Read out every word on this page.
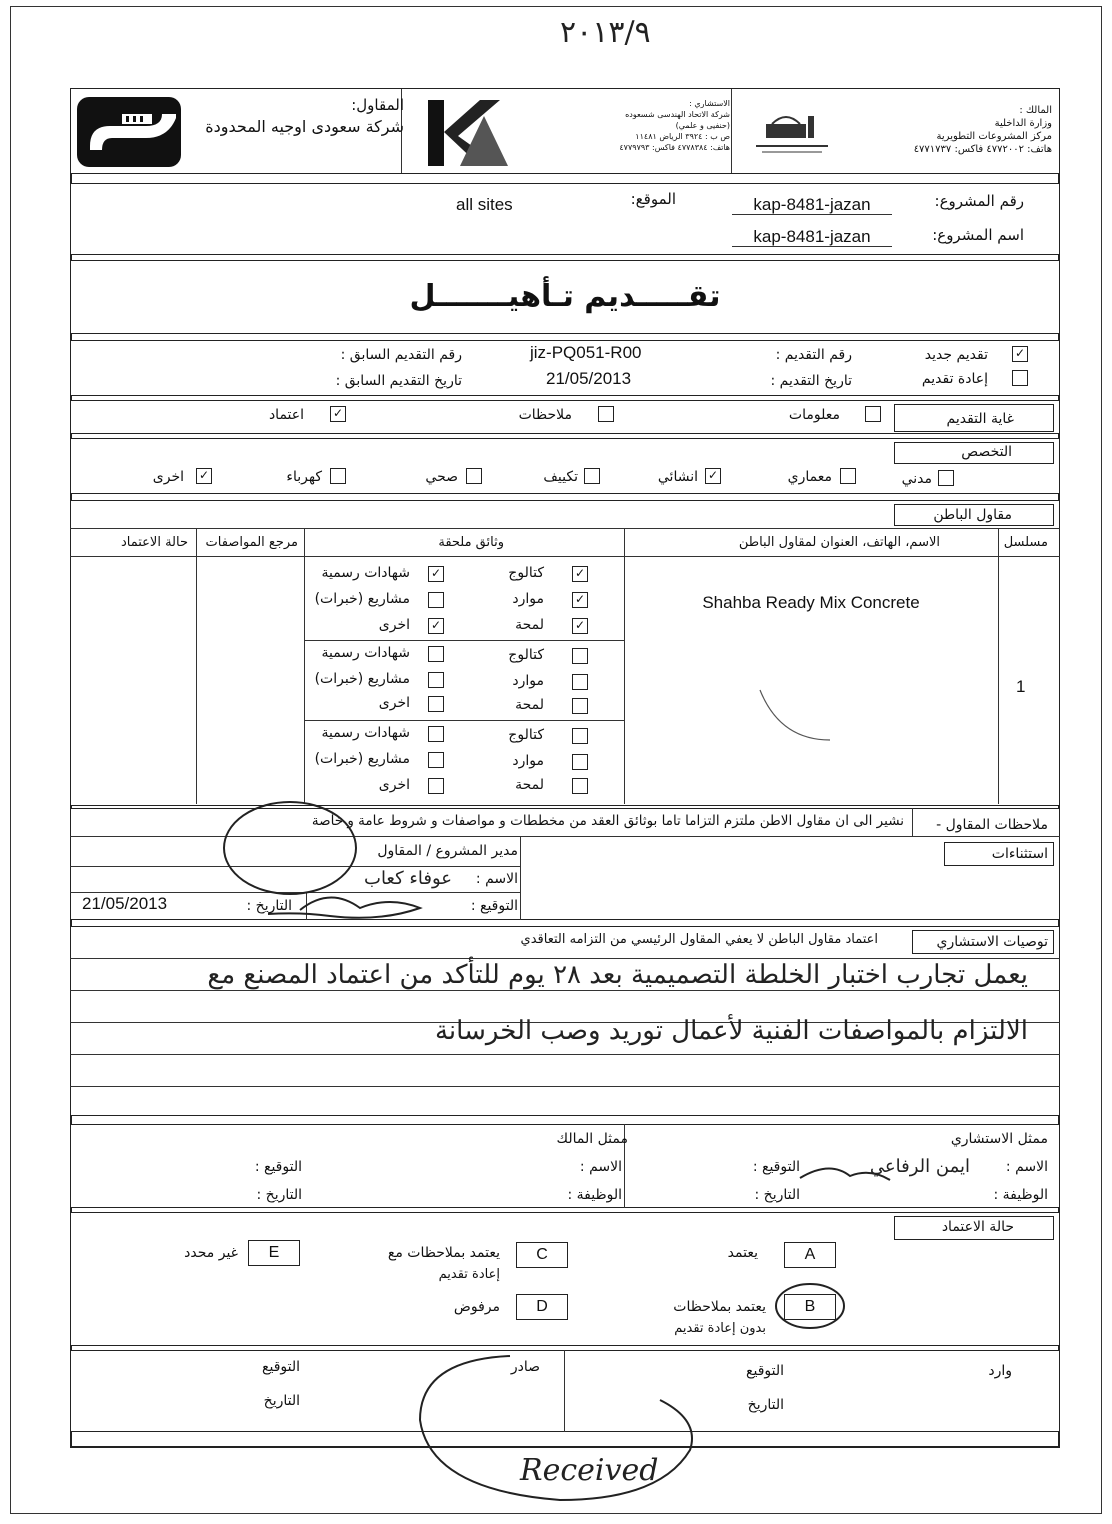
٢٠١٣/٩
المقاول:
شركة سعودى اوجيه المحدودة
الاستشاري :
شركة الاتحاد الهندسى شسعوده
(حنفيى و علمي)
ص ب : ٣٩٢٤ الرياض ١١٤٨١
هاتف: ٤٧٧٨٣٨٤ فاكس: ٤٧٧٩٧٩٣
المالك :
وزارة الداخلية
مركز المشروعات التطويرية
هاتف: ٤٧٧٢٠٠٢ فاكس: ٤٧٧١٧٣٧
رقم المشروع:
kap-8481-jazan
اسم المشروع:
kap-8481-jazan
الموقع:
all sites
تقـــــديم تـأهيـــــــل
✓
تقديم جديد
إعادة تقديم
رقم التقديم :
jiz-PQ051-R00
تاريخ التقديم :
21/05/2013
رقم التقديم السابق :
تاريخ التقديم السابق :
غاية التقديم
معلومات
ملاحظات
✓
اعتماد
التخصص
مدني
معماري
✓
انشائي
تكييف
صحي
كهرباء
✓
اخرى
مقاول الباطن
مسلسل
الاسم، الهاتف، العنوان لمقاول الباطن
وثائق ملحقة
مرجع المواصفات
حالة الاعتماد
1
Shahba Ready Mix Concrete
✓
كتالوج
✓
موارد
✓
لمحة
✓
شهادات رسمية
مشاريع (خبرات)
✓
اخرى
كتالوج
موارد
لمحة
شهادات رسمية
مشاريع (خبرات)
اخرى
كتالوج
موارد
لمحة
شهادات رسمية
مشاريع (خبرات)
اخرى
ملاحظات المقاول -
نشير الى ان مقاول الاطن ملتزم التزاما تاما بوثائق العقد من مخططات و مواصفات و شروط عامة و خاصة
استثناءات
مدير المشروع / المقاول
الاسم :
عوفاء كعاب
التوقيع :
التاريخ :
21/05/2013
توصيات الاستشاري
اعتماد مقاول الباطن لا يعفي المقاول الرئيسي من التزامه التعاقدي
يعمل تجارب اختبار الخلطة التصميمية بعد ٢٨ يوم للتأكد من اعتماد المصنع مع
الالتزام بالمواصفات الفنية لأعمال توريد وصب الخرسانة
ممثل الاستشاري
الاسم :
ايمن الرفاعي
الوظيفة :
التوقيع :
التاريخ :
ممثل المالك
الاسم :
الوظيفة :
التوقيع :
التاريخ :
حالة الاعتماد
A
يعتمد
B
يعتمد بملاحظات
بدون إعادة تقديم
C
يعتمد بملاحظات مع
إعادة تقديم
D
مرفوض
E
غير محدد
وارد
التوقيع
التاريخ
صادر
التوقيع
التاريخ
Received
